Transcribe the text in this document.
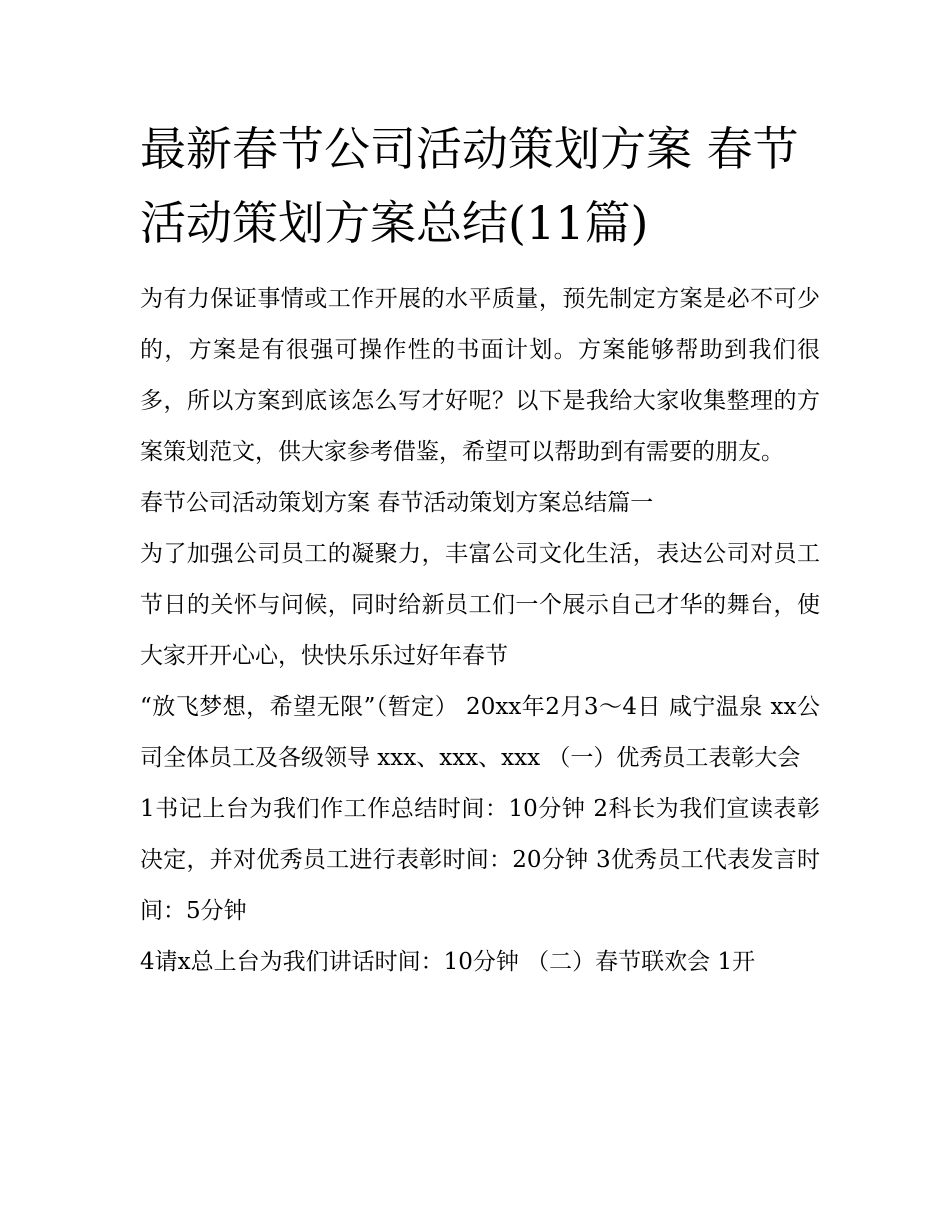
最新春节公司活动策划方案 春节活动策划方案总结(11篇)

为有力保证事情或工作开展的水平质量，预先制定方案是必不可少的，方案是有很强可操作性的书面计划。方案能够帮助到我们很多，所以方案到底该怎么写才好呢？以下是我给大家收集整理的方案策划范文，供大家参考借鉴，希望可以帮助到有需要的朋友。

春节公司活动策划方案 春节活动策划方案总结篇一

为了加强公司员工的凝聚力，丰富公司文化生活，表达公司对员工节日的关怀与问候，同时给新员工们一个展示自己才华的舞台，使大家开开心心，快快乐乐过好年春节

“放飞梦想，希望无限”（暂定） 20xx年2月3～4日 咸宁温泉 xx公司全体员工及各级领导 xxx、xxx、xxx （一）优秀员工表彰大会

1书记上台为我们作工作总结时间：10分钟 2科长为我们宣读表彰决定，并对优秀员工进行表彰时间：20分钟 3优秀员工代表发言时间：5分钟

4请x总上台为我们讲话时间：10分钟 （二）春节联欢会 1开
